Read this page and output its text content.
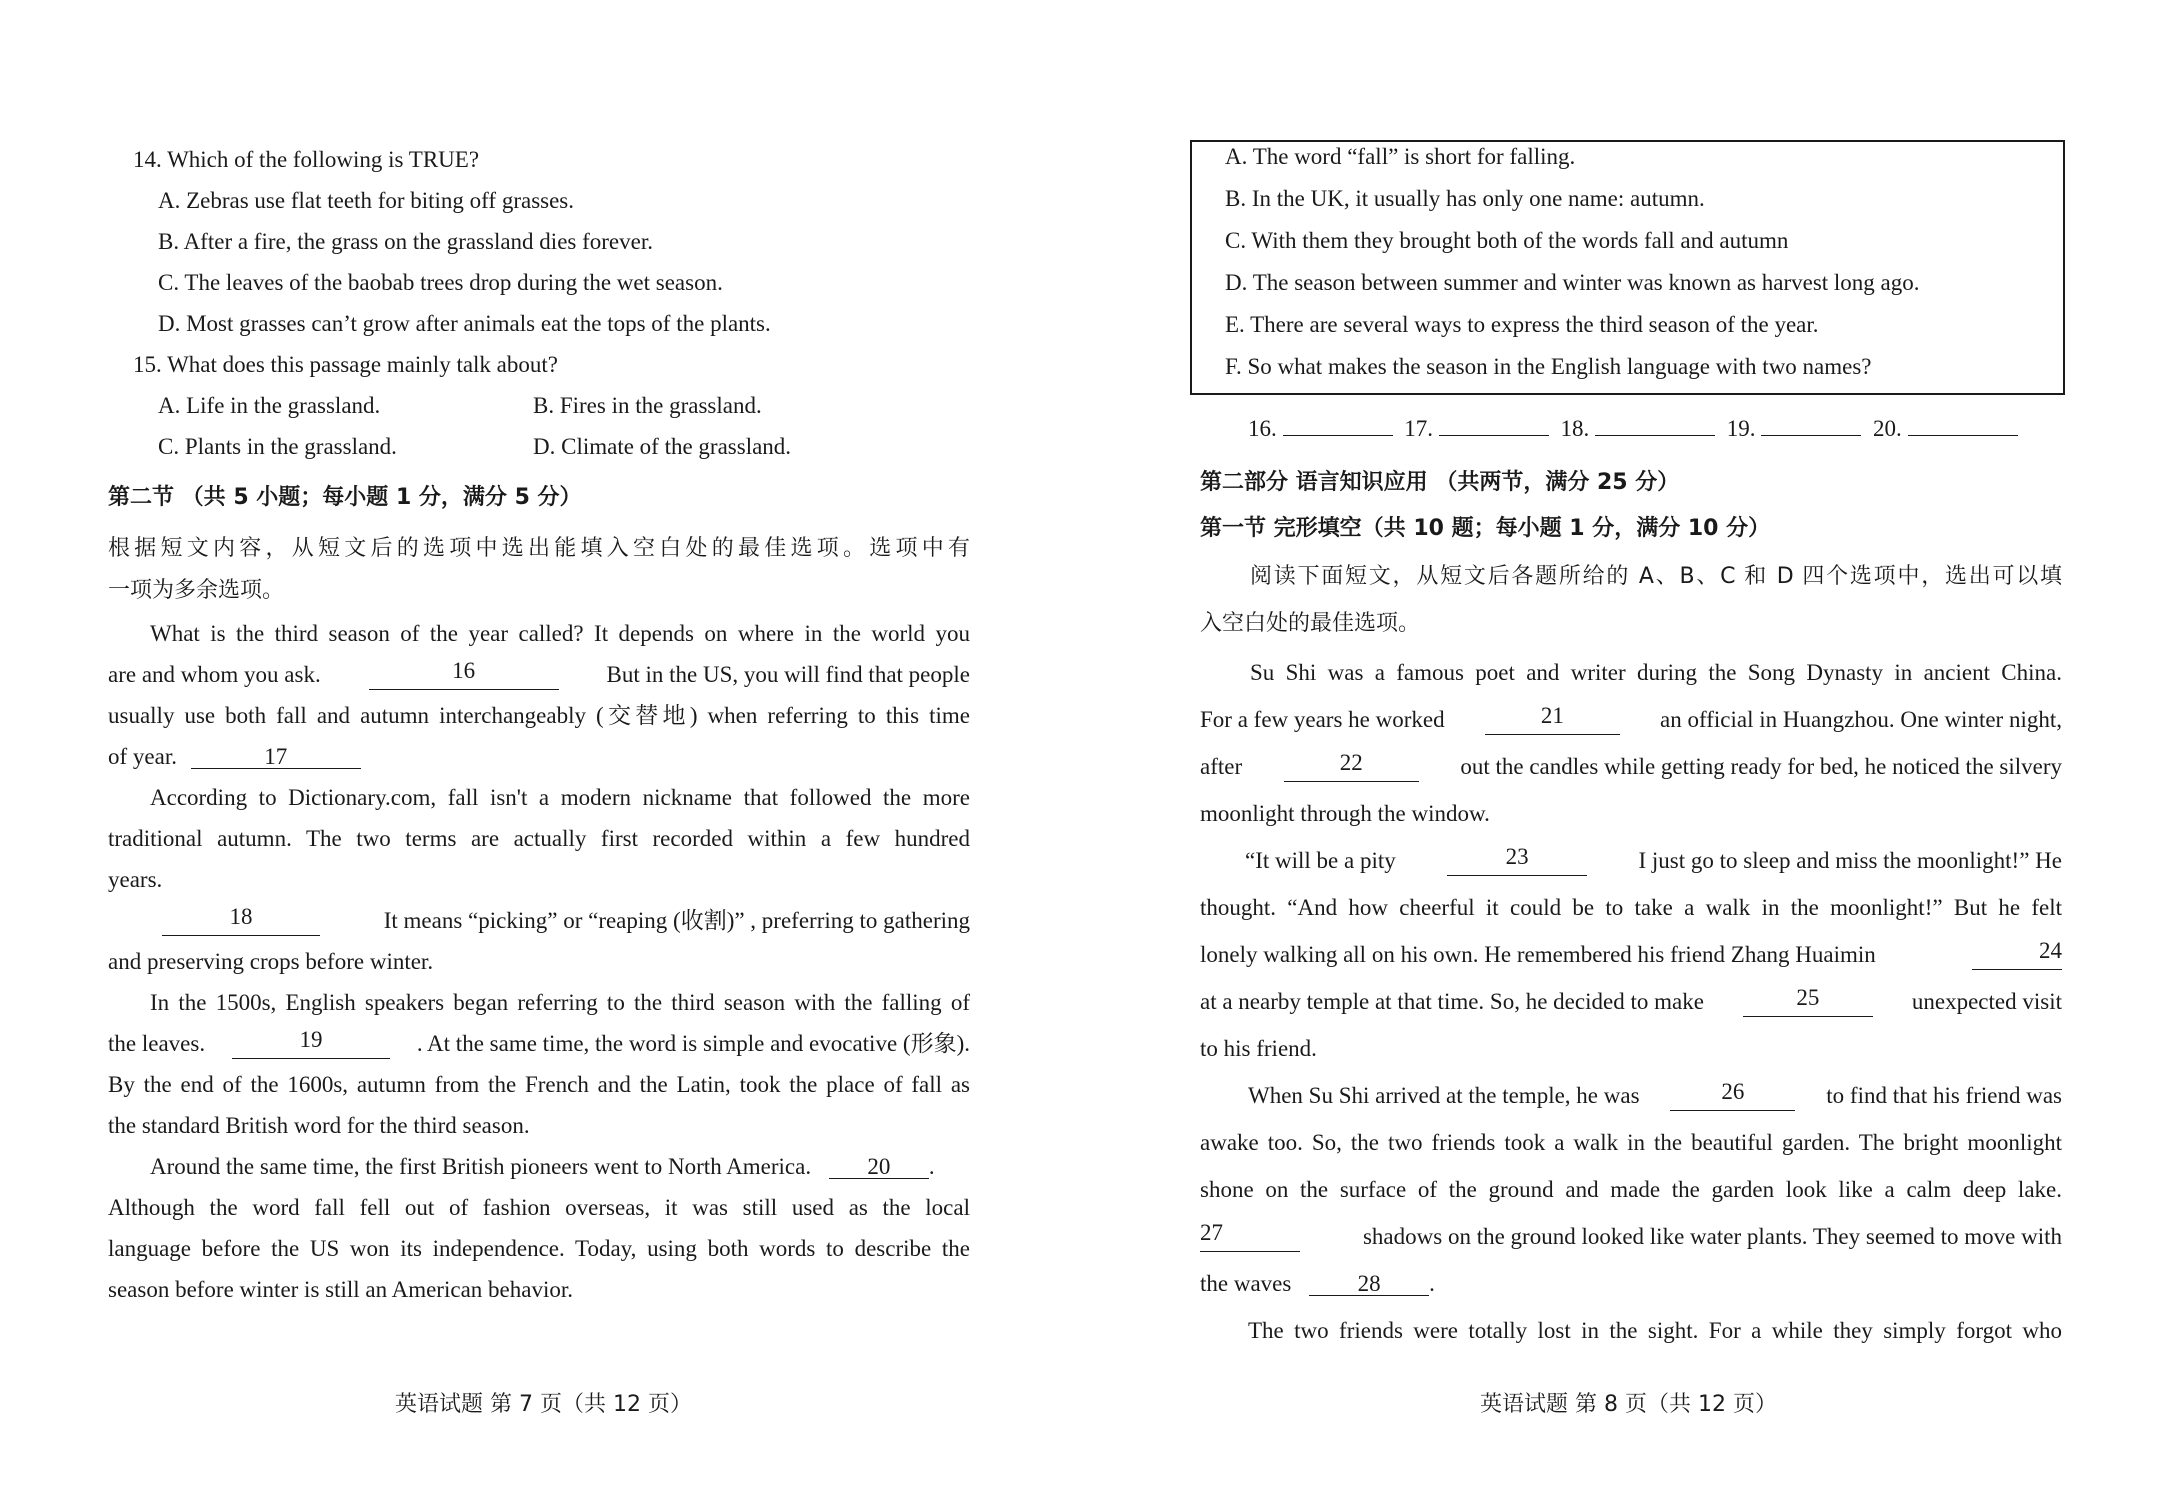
14. Which of the following is TRUE?
A. Zebras use flat teeth for biting off grasses.
B. After a fire, the grass on the grassland dies forever.
C. The leaves of the baobab trees drop during the wet season.
D. Most grasses can’t grow after animals eat the tops of the plants.
15. What does this passage mainly talk about?
A. Life in the grassland.	B. Fires in the grassland.
C. Plants in the grassland.	D. Climate of the grassland.
第二节 （共 5 小题；每小题 1 分，满分 5 分）
根据短文内容，从短文后的选项中选出能填入空白处的最佳选项。选项中有
一项为多余选项。
What is the third season of the year called? It depends on where in the world you
are and whom you ask.	16	But in the US, you will find that people
usually use both fall and autumn interchangeably (交替地) when referring to this time
of year.	17
According to Dictionary.com, fall isn't a modern nickname that followed the more
traditional autumn. The two terms are actually first recorded within a few hundred
years.
18	It means “picking” or “reaping (收割)” , preferring to gathering
and preserving crops before winter.
In the 1500s, English speakers began referring to the third season with the falling of
the leaves.	19	. At the same time, the word is simple and evocative (形象).
By the end of the 1600s, autumn from the French and the Latin, took the place of fall as
the standard British word for the third season.
Around the same time, the first British pioneers went to North America. 20 .
Although the word fall fell out of fashion overseas, it was still used as the local
language before the US won its independence. Today, using both words to describe the
season before winter is still an American behavior.
英语试题 第 7 页（共 12 页）
A. The word “fall” is short for falling.
B. In the UK, it usually has only one name: autumn.
C. With them they brought both of the words fall and autumn
D. The season between summer and winter was known as harvest long ago.
E. There are several ways to express the third season of the year.
F. So what makes the season in the English language with two names?
16.	17.	18.	19.	20.
第二部分 语言知识应用 （共两节，满分 25 分）
第一节 完形填空（共 10 题；每小题 1 分，满分 10 分）
阅读下面短文，从短文后各题所给的 A、B、C 和 D 四个选项中，选出可以填
入空白处的最佳选项。
Su Shi was a famous poet and writer during the Song Dynasty in ancient China.
For a few years he worked	21	an official in Huangzhou. One winter night,
after	22	out the candles while getting ready for bed, he noticed the silvery
moonlight through the window.
“It will be a pity	23	I just go to sleep and miss the moonlight!” He
thought. “And how cheerful it could be to take a walk in the moonlight!” But he felt
lonely walking all on his own. He remembered his friend Zhang Huaimin	24
at a nearby temple at that time. So, he decided to make	25	unexpected visit
to his friend.
When Su Shi arrived at the temple, he was	26	to find that his friend was
awake too. So, the two friends took a walk in the beautiful garden. The bright moonlight
shone on the surface of the ground and made the garden look like a calm deep lake.
27	shadows on the ground looked like water plants. They seemed to move with
the waves	28 .
The two friends were totally lost in the sight. For a while they simply forgot who
英语试题 第 8 页（共 12 页）
